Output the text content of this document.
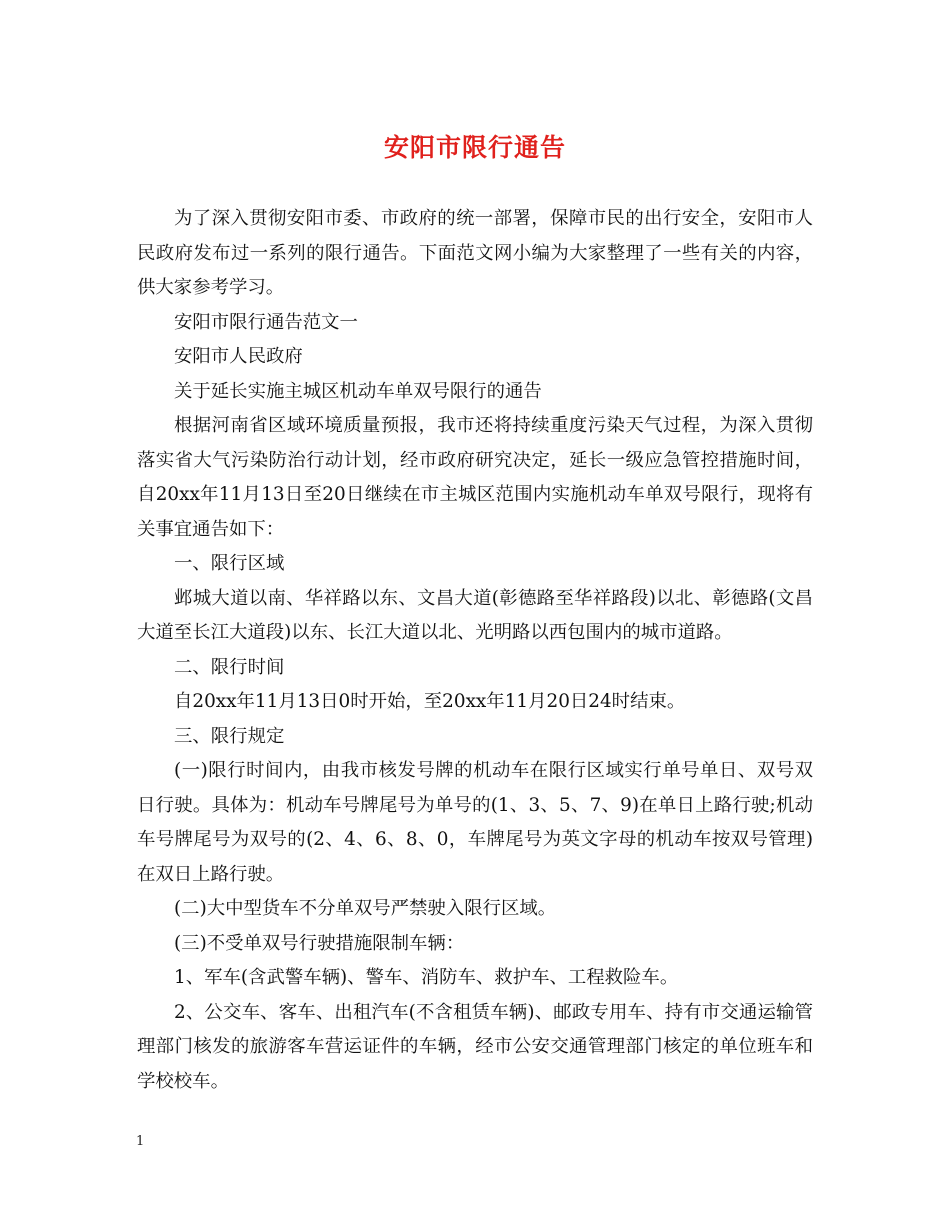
安阳市限行通告

为了深入贯彻安阳市委、市政府的统一部署，保障市民的出行安全，安阳市人民政府发布过一系列的限行通告。下面范文网小编为大家整理了一些有关的内容，供大家参考学习。

安阳市限行通告范文一

安阳市人民政府

关于延长实施主城区机动车单双号限行的通告

根据河南省区域环境质量预报，我市还将持续重度污染天气过程，为深入贯彻落实省大气污染防治行动计划，经市政府研究决定，延长一级应急管控措施时间，自20xx年11月13日至20日继续在市主城区范围内实施机动车单双号限行，现将有关事宜通告如下：

一、限行区域

邺城大道以南、华祥路以东、文昌大道(彰德路至华祥路段)以北、彰德路(文昌大道至长江大道段)以东、长江大道以北、光明路以西包围内的城市道路。

二、限行时间

自20xx年11月13日0时开始，至20xx年11月20日24时结束。

三、限行规定

(一)限行时间内，由我市核发号牌的机动车在限行区域实行单号单日、双号双日行驶。具体为：机动车号牌尾号为单号的(1、3、5、7、9)在单日上路行驶;机动车号牌尾号为双号的(2、4、6、8、0，车牌尾号为英文字母的机动车按双号管理)在双日上路行驶。

(二)大中型货车不分单双号严禁驶入限行区域。

(三)不受单双号行驶措施限制车辆：

1、军车(含武警车辆)、警车、消防车、救护车、工程救险车。

2、公交车、客车、出租汽车(不含租赁车辆)、邮政专用车、持有市交通运输管理部门核发的旅游客车营运证件的车辆，经市公安交通管理部门核定的单位班车和学校校车。

1
